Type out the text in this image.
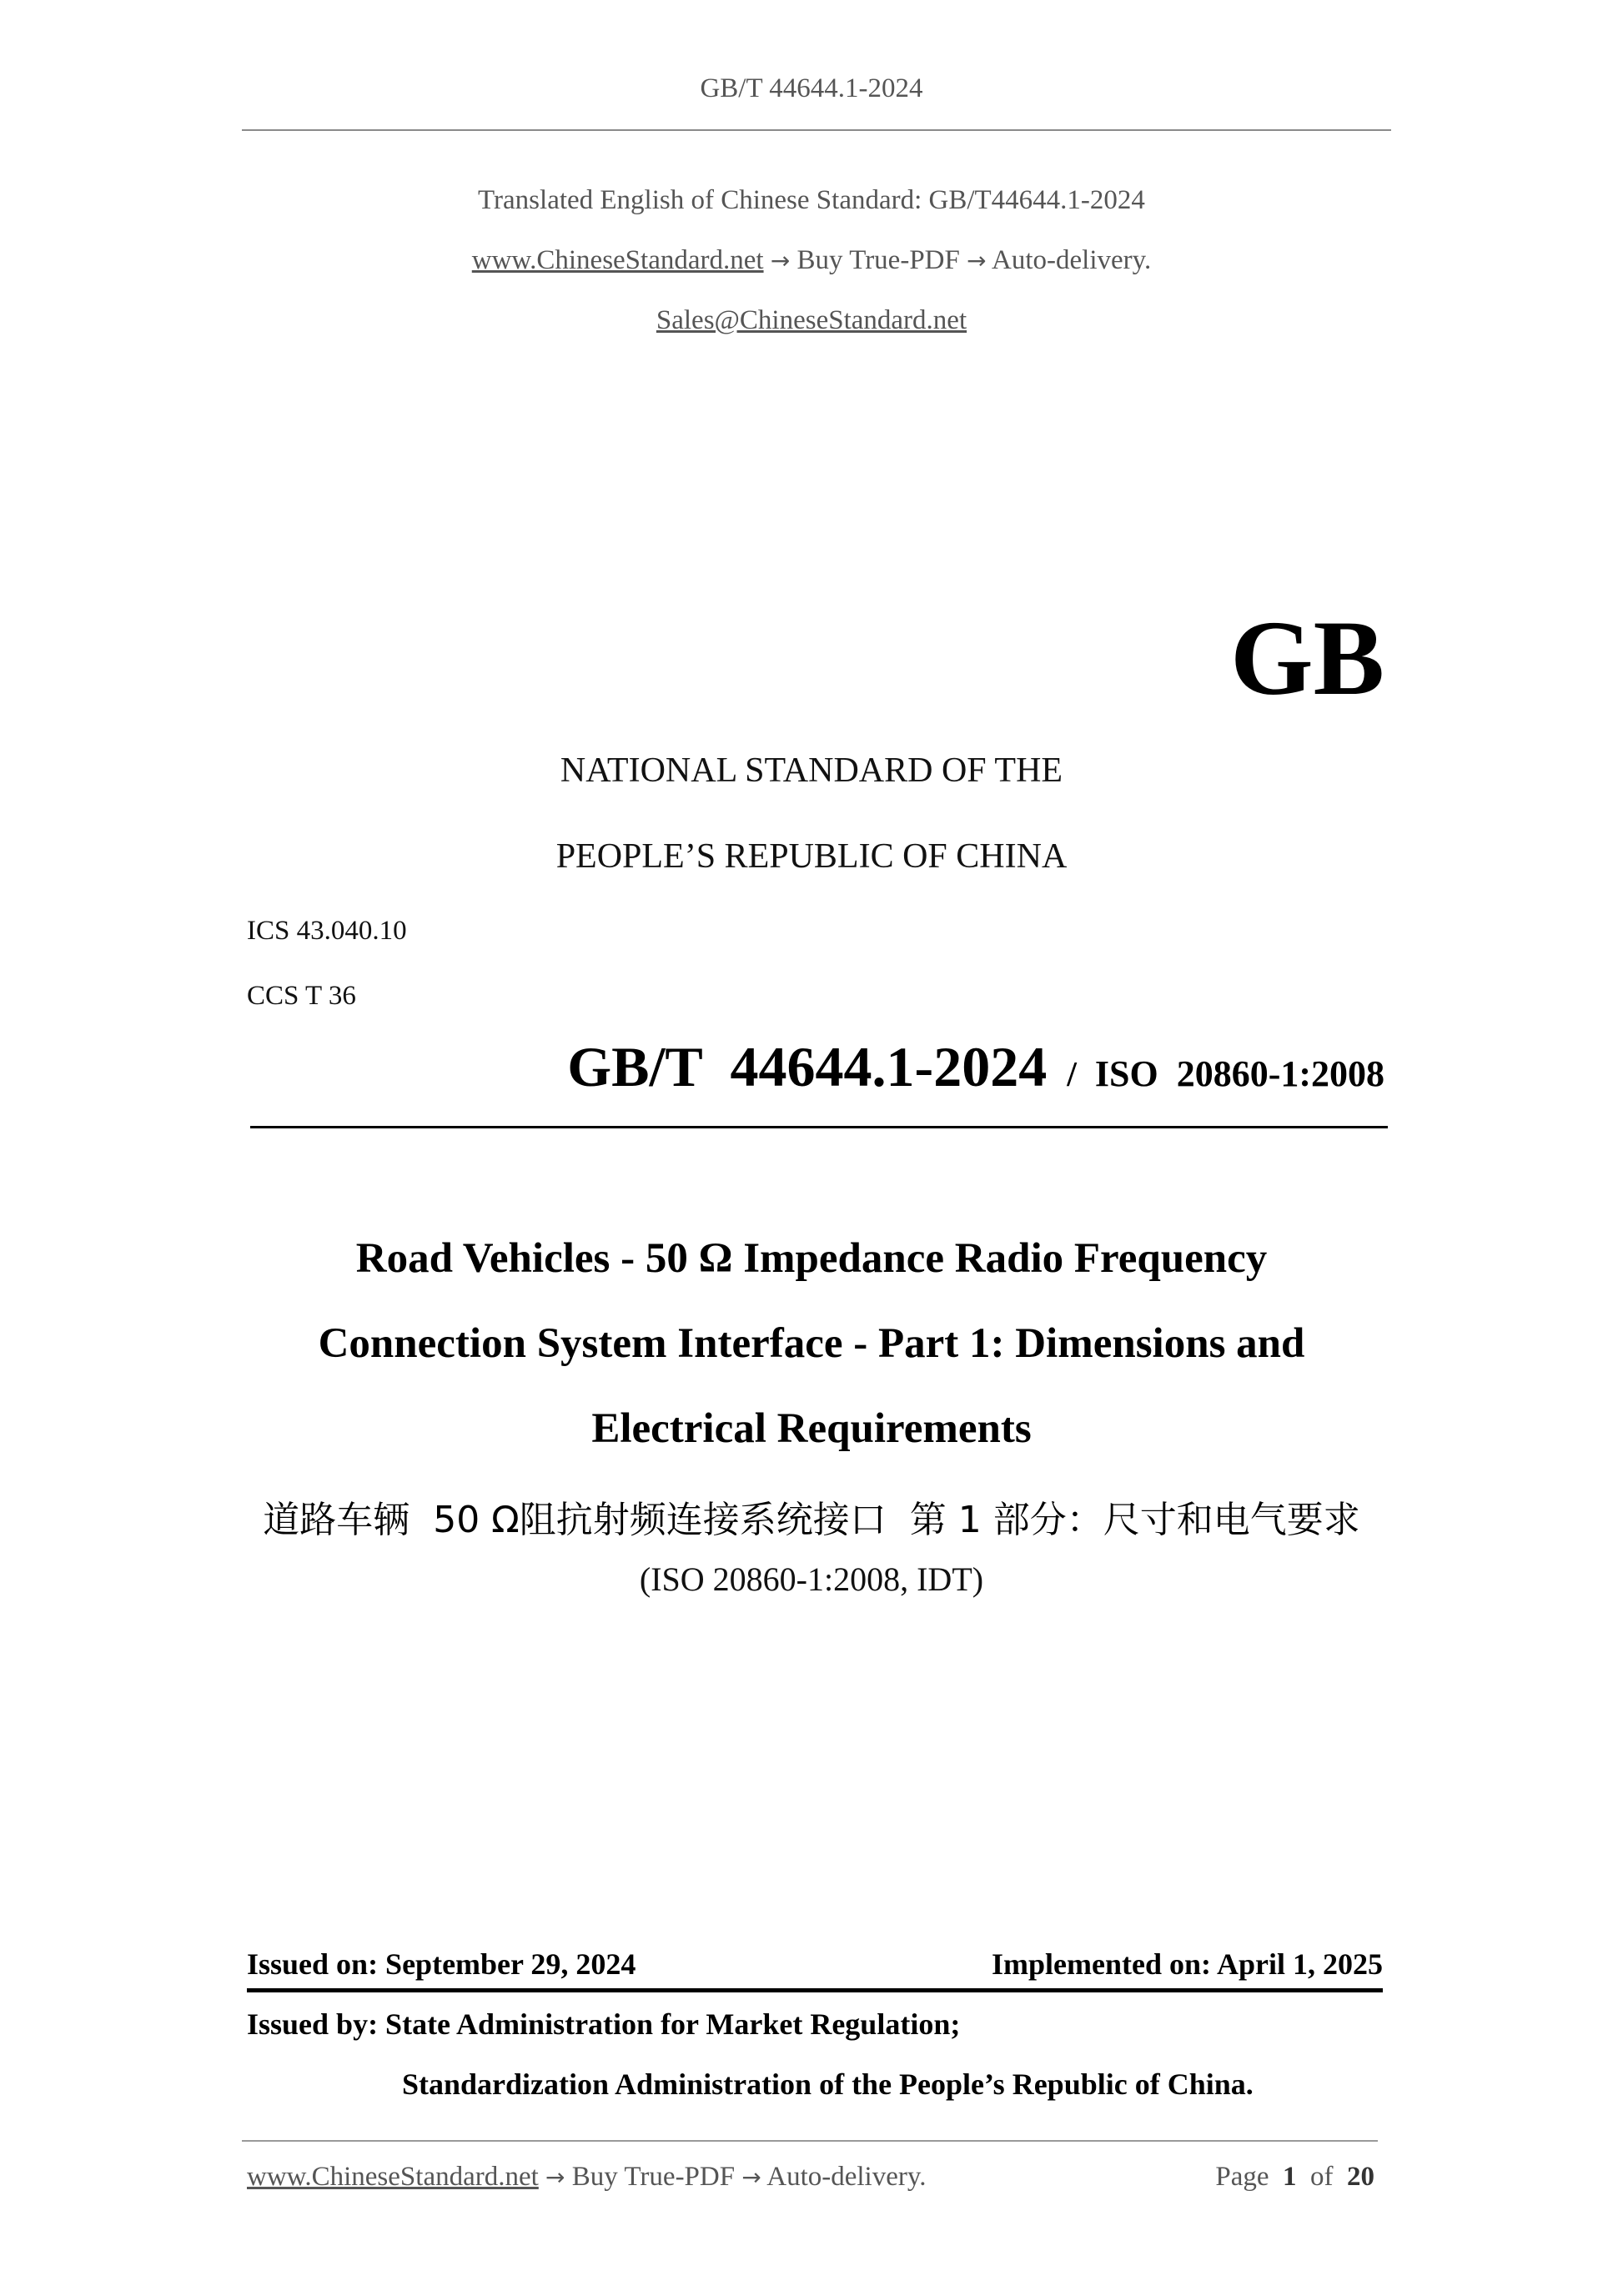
GB/T 44644.1-2024
Translated English of Chinese Standard: GB/T44644.1-2024
www.ChineseStandard.net → Buy True-PDF → Auto-delivery.
Sales@ChineseStandard.net
GB
NATIONAL STANDARD OF THE
PEOPLE’S REPUBLIC OF CHINA
ICS 43.040.10
CCS T 36
GB/T  44644.1-2024 / ISO  20860-1:2008
Road Vehicles - 50 Ω Impedance Radio Frequency
Connection System Interface - Part 1: Dimensions and
Electrical Requirements
道路车辆  50 Ω阻抗射频连接系统接口  第 1 部分：尺寸和电气要求
(ISO 20860-1:2008, IDT)
Issued on: September 29, 2024	Implemented on: April 1, 2025
Issued by: State Administration for Market Regulation;
Standardization Administration of the People’s Republic of China.
www.ChineseStandard.net → Buy True-PDF → Auto-delivery.	Page 1 of 20
